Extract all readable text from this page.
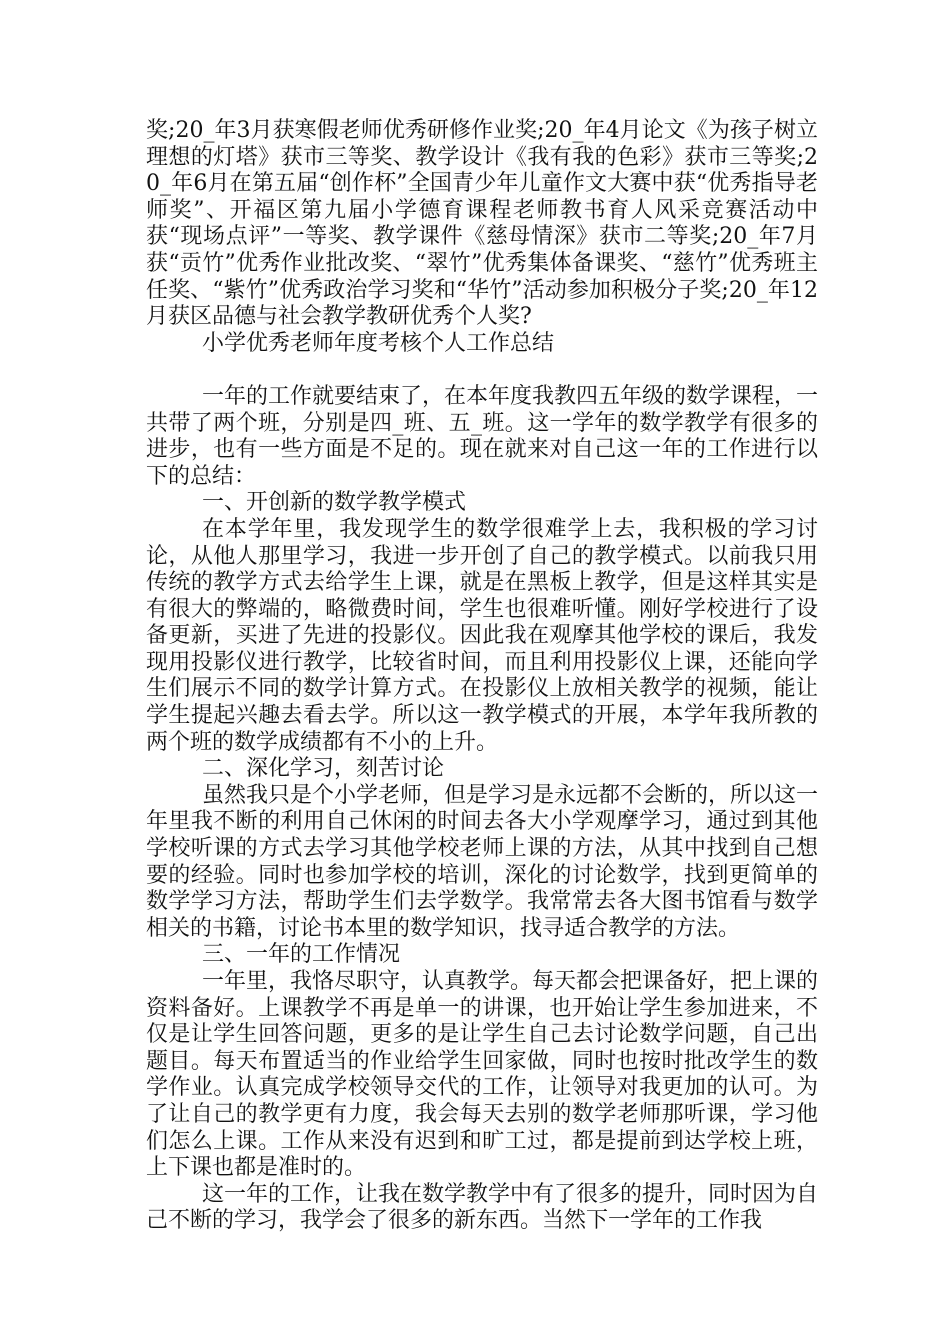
奖;20_年3月获寒假老师优秀研修作业奖;20_年4月论文《为孩子树立理想的灯塔》获市三等奖、教学设计《我有我的色彩》获市三等奖;20_年6月在第五届“创作杯”全国青少年儿童作文大赛中获“优秀指导老师奖”、开福区第九届小学德育课程老师教书育人风采竞赛活动中获“现场点评”一等奖、教学课件《慈母情深》获市二等奖;20_年7月获“贡竹”优秀作业批改奖、“翠竹”优秀集体备课奖、“慈竹”优秀班主任奖、“紫竹”优秀政治学习奖和“华竹”活动参加积极分子奖;20_年12月获区品德与社会教学教研优秀个人奖?

小学优秀老师年度考核个人工作总结

一年的工作就要结束了，在本年度我教四五年级的数学课程，一共带了两个班，分别是四_班、五_班。这一学年的数学教学有很多的进步，也有一些方面是不足的。现在就来对自己这一年的工作进行以下的总结：

一、开创新的数学教学模式

在本学年里，我发现学生的数学很难学上去，我积极的学习讨论，从他人那里学习，我进一步开创了自己的教学模式。以前我只用传统的教学方式去给学生上课，就是在黑板上教学，但是这样其实是有很大的弊端的，略微费时间，学生也很难听懂。刚好学校进行了设备更新，买进了先进的投影仪。因此我在观摩其他学校的课后，我发现用投影仪进行教学，比较省时间，而且利用投影仪上课，还能向学生们展示不同的数学计算方式。在投影仪上放相关教学的视频，能让学生提起兴趣去看去学。所以这一教学模式的开展，本学年我所教的两个班的数学成绩都有不小的上升。

二、深化学习，刻苦讨论

虽然我只是个小学老师，但是学习是永远都不会断的，所以这一年里我不断的利用自己休闲的时间去各大小学观摩学习，通过到其他学校听课的方式去学习其他学校老师上课的方法，从其中找到自己想要的经验。同时也参加学校的培训，深化的讨论数学，找到更简单的数学学习方法，帮助学生们去学数学。我常常去各大图书馆看与数学相关的书籍，讨论书本里的数学知识，找寻适合教学的方法。

三、一年的工作情况

一年里，我恪尽职守，认真教学。每天都会把课备好，把上课的资料备好。上课教学不再是单一的讲课，也开始让学生参加进来，不仅是让学生回答问题，更多的是让学生自己去讨论数学问题，自己出题目。每天布置适当的作业给学生回家做，同时也按时批改学生的数学作业。认真完成学校领导交代的工作，让领导对我更加的认可。为了让自己的教学更有力度，我会每天去别的数学老师那听课，学习他们怎么上课。工作从来没有迟到和旷工过，都是提前到达学校上班，上下课也都是准时的。

这一年的工作，让我在数学教学中有了很多的提升，同时因为自己不断的学习，我学会了很多的新东西。当然下一学年的工作我
